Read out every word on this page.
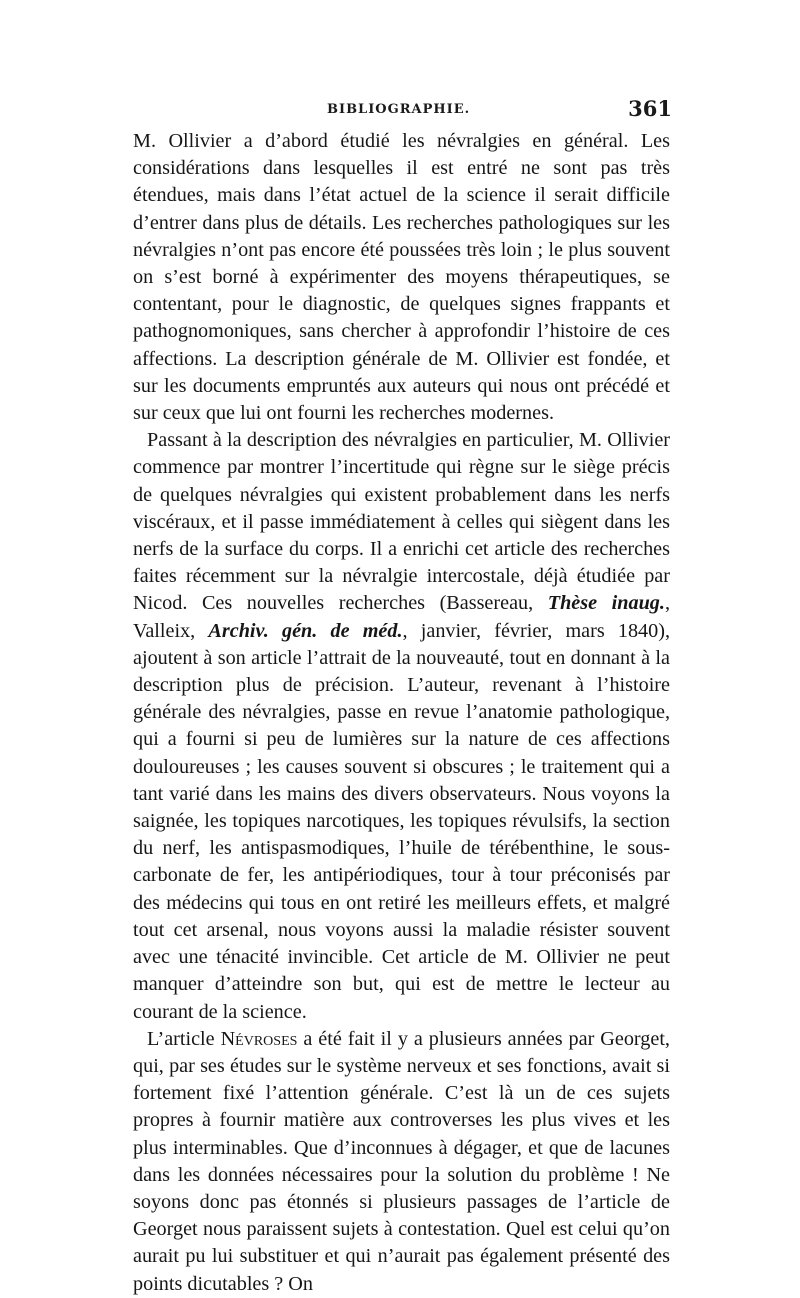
BIBLIOGRAPHIE.	361

M. Ollivier a d’abord étudié les névralgies en général. Les considérations dans lesquelles il est entré ne sont pas très étendues, mais dans l’état actuel de la science il serait difficile d’entrer dans plus de détails. Les recherches pathologiques sur les névralgies n’ont pas encore été poussées très loin ; le plus souvent on s’est borné à expérimenter des moyens thérapeutiques, se contentant, pour le diagnostic, de quelques signes frappants et pathognomoniques, sans chercher à approfondir l’histoire de ces affections. La description générale de M. Ollivier est fondée, et sur les documents empruntés aux auteurs qui nous ont précédé et sur ceux que lui ont fourni les recherches modernes.

Passant à la description des névralgies en particulier, M. Ollivier commence par montrer l’incertitude qui règne sur le siège précis de quelques névralgies qui existent probablement dans les nerfs viscéraux, et il passe immédiatement à celles qui siègent dans les nerfs de la surface du corps. Il a enrichi cet article des recherches faites récemment sur la névralgie intercostale, déjà étudiée par Nicod. Ces nouvelles recherches (Bassereau, Thèse inaug., Valleix, Archiv. gén. de méd., janvier, février, mars 1840), ajoutent à son article l’attrait de la nouveauté, tout en donnant à la description plus de précision. L’auteur, revenant à l’histoire générale des névralgies, passe en revue l’anatomie pathologique, qui a fourni si peu de lumières sur la nature de ces affections douloureuses ; les causes souvent si obscures ; le traitement qui a tant varié dans les mains des divers observateurs. Nous voyons la saignée, les topiques narcotiques, les topiques révulsifs, la section du nerf, les antispasmodiques, l’huile de térébenthine, le sous-carbonate de fer, les antipériodiques, tour à tour préconisés par des médecins qui tous en ont retiré les meilleurs effets, et malgré tout cet arsenal, nous voyons aussi la maladie résister souvent avec une ténacité invincible. Cet article de M. Ollivier ne peut manquer d’atteindre son but, qui est de mettre le lecteur au courant de la science.

L’article Névroses a été fait il y a plusieurs années par Georget, qui, par ses études sur le système nerveux et ses fonctions, avait si fortement fixé l’attention générale. C’est là un de ces sujets propres à fournir matière aux controverses les plus vives et les plus interminables. Que d’inconnues à dégager, et que de lacunes dans les données nécessaires pour la solution du problème ! Ne soyons donc pas étonnés si plusieurs passages de l’article de Georget nous paraissent sujets à contestation. Quel est celui qu’on aurait pu lui substituer et qui n’aurait pas également présenté des points dicutables ? On
